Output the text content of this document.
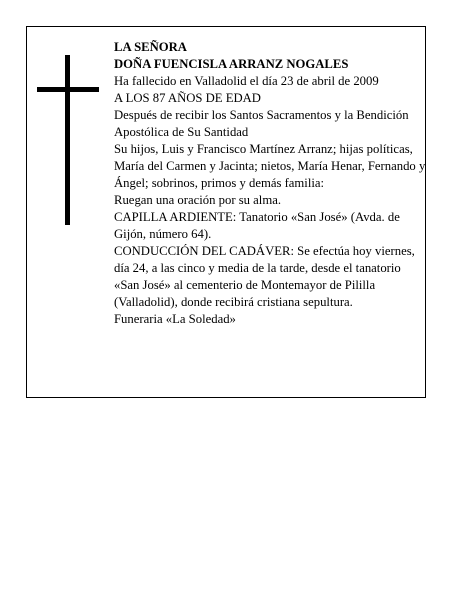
LA SEÑORA

DOÑA FUENCISLA ARRANZ NOGALES

Ha fallecido en Valladolid el día 23 de abril de 2009

A LOS 87 AÑOS DE EDAD

Después de recibir los Santos Sacramentos y la Bendición Apostólica de Su Santidad

Su hijos, Luis y Francisco Martínez Arranz; hijas políticas, María del Carmen y Jacinta; nietos, María Henar, Fernando y Ángel; sobrinos, primos y demás familia:

Ruegan una oración por su alma.

CAPILLA ARDIENTE: Tanatorio «San José» (Avda. de Gijón, número 64).

CONDUCCIÓN DEL CADÁVER: Se efectúa hoy viernes, día 24, a las cinco y media de la tarde, desde el tanatorio «San José» al cementerio de Montemayor de Pililla (Valladolid), donde recibirá cristiana sepultura.

Funeraria «La Soledad»
